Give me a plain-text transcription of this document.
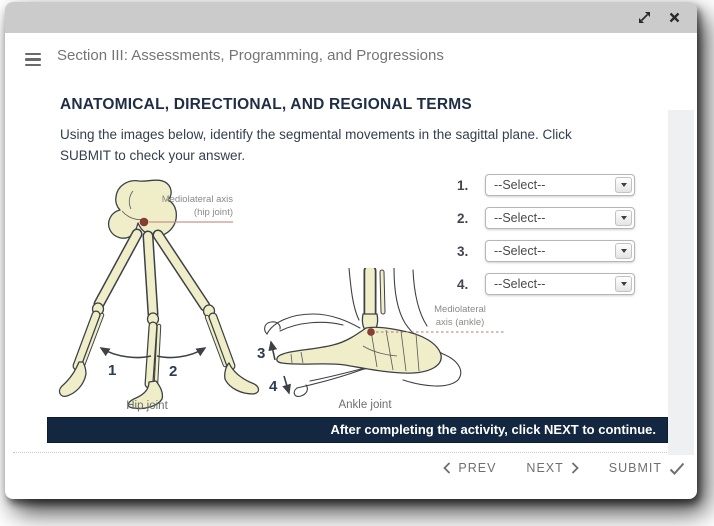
Section III: Assessments, Programming, and Progressions
ANATOMICAL, DIRECTIONAL, AND REGIONAL TERMS
Using the images below, identify the segmental movements in the sagittal plane. Click
SUBMIT to check your answer.
1.	--Select--
2.	--Select--
3.	--Select--
4.	--Select--
1	2
Mediolateral axis
(hip joint)
Hip joint
3
4
Mediolateral
axis (ankle)
Ankle joint
After completing the activity, click NEXT to continue.
PREV NEXT	SUBMIT
